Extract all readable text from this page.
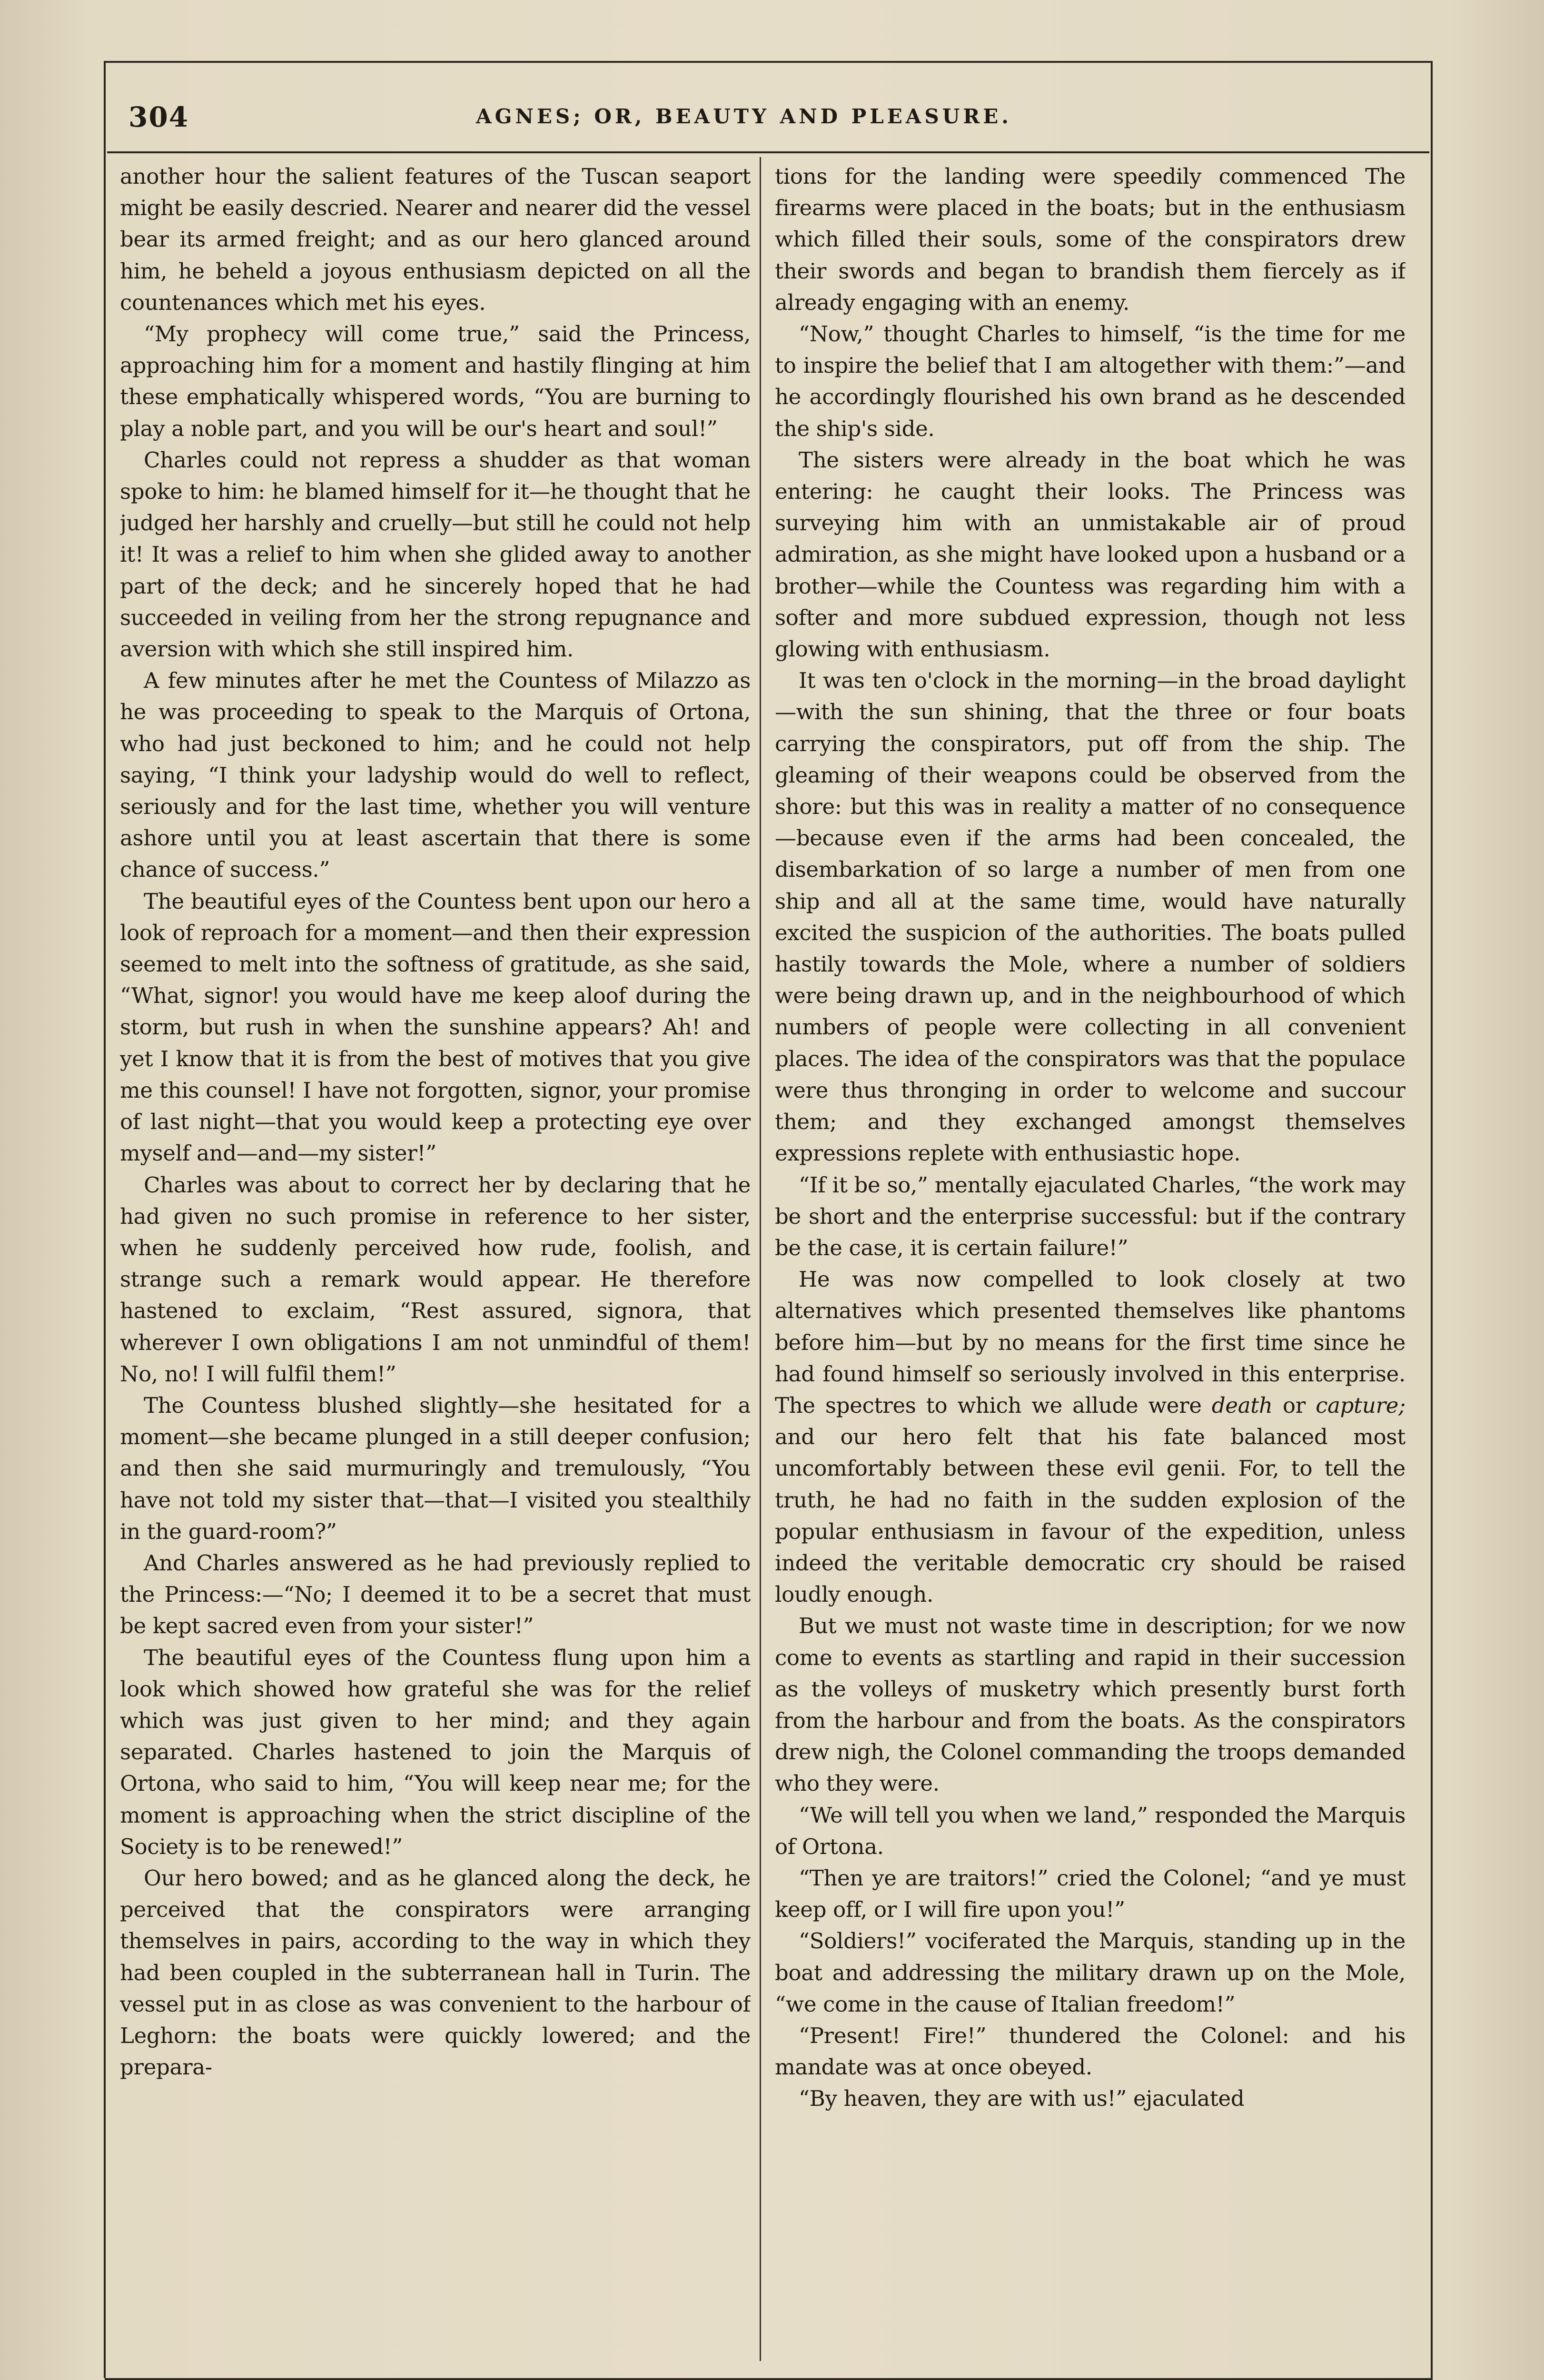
304	AGNES; OR, BEAUTY AND PLEASURE.

another hour the salient features of the Tuscan seaport might be easily descried. Nearer and nearer did the vessel bear its armed freight; and as our hero glanced around him, he beheld a joyous enthusiasm depicted on all the countenances which met his eyes.

“My prophecy will come true,” said the Princess, approaching him for a moment and hastily flinging at him these emphatically whispered words, “You are burning to play a noble part, and you will be our's heart and soul!”

Charles could not repress a shudder as that woman spoke to him: he blamed himself for it—he thought that he judged her harshly and cruelly—but still he could not help it! It was a relief to him when she glided away to another part of the deck; and he sincerely hoped that he had succeeded in veiling from her the strong repugnance and aversion with which she still inspired him.

A few minutes after he met the Countess of Milazzo as he was proceeding to speak to the Marquis of Ortona, who had just beckoned to him; and he could not help saying, “I think your ladyship would do well to reflect, seriously and for the last time, whether you will venture ashore until you at least ascertain that there is some chance of success.”

The beautiful eyes of the Countess bent upon our hero a look of reproach for a moment—and then their expression seemed to melt into the softness of gratitude, as she said, “What, signor! you would have me keep aloof during the storm, but rush in when the sunshine appears? Ah! and yet I know that it is from the best of motives that you give me this counsel! I have not forgotten, signor, your promise of last night—that you would keep a protecting eye over myself and—and—my sister!”

Charles was about to correct her by declaring that he had given no such promise in reference to her sister, when he suddenly perceived how rude, foolish, and strange such a remark would appear. He therefore hastened to exclaim, “Rest assured, signora, that wherever I own obligations I am not unmindful of them! No, no! I will fulfil them!”

The Countess blushed slightly—she hesitated for a moment—she became plunged in a still deeper confusion; and then she said murmuringly and tremulously, “You have not told my sister that—that—I visited you stealthily in the guard-room?”

And Charles answered as he had previously replied to the Princess:—“No; I deemed it to be a secret that must be kept sacred even from your sister!”

The beautiful eyes of the Countess flung upon him a look which showed how grateful she was for the relief which was just given to her mind; and they again separated. Charles hastened to join the Marquis of Ortona, who said to him, “You will keep near me; for the moment is approaching when the strict discipline of the Society is to be renewed!”

Our hero bowed; and as he glanced along the deck, he perceived that the conspirators were arranging themselves in pairs, according to the way in which they had been coupled in the subterranean hall in Turin. The vessel put in as close as was convenient to the harbour of Leghorn: the boats were quickly lowered; and the prepara-

tions for the landing were speedily commenced The firearms were placed in the boats; but in the enthusiasm which filled their souls, some of the conspirators drew their swords and began to brandish them fiercely as if already engaging with an enemy.

“Now,” thought Charles to himself, “is the time for me to inspire the belief that I am altogether with them:”—and he accordingly flourished his own brand as he descended the ship's side.

The sisters were already in the boat which he was entering: he caught their looks. The Princess was surveying him with an unmistakable air of proud admiration, as she might have looked upon a husband or a brother—while the Countess was regarding him with a softer and more subdued expression, though not less glowing with enthusiasm.

It was ten o'clock in the morning—in the broad daylight—with the sun shining, that the three or four boats carrying the conspirators, put off from the ship. The gleaming of their weapons could be observed from the shore: but this was in reality a matter of no consequence—because even if the arms had been concealed, the disembarkation of so large a number of men from one ship and all at the same time, would have naturally excited the suspicion of the authorities. The boats pulled hastily towards the Mole, where a number of soldiers were being drawn up, and in the neighbourhood of which numbers of people were collecting in all convenient places. The idea of the conspirators was that the populace were thus thronging in order to welcome and succour them; and they exchanged amongst themselves expressions replete with enthusiastic hope.

“If it be so,” mentally ejaculated Charles, “the work may be short and the enterprise successful: but if the contrary be the case, it is certain failure!”

He was now compelled to look closely at two alternatives which presented themselves like phantoms before him—but by no means for the first time since he had found himself so seriously involved in this enterprise. The spectres to which we allude were death or capture; and our hero felt that his fate balanced most uncomfortably between these evil genii. For, to tell the truth, he had no faith in the sudden explosion of the popular enthusiasm in favour of the expedition, unless indeed the veritable democratic cry should be raised loudly enough.

But we must not waste time in description; for we now come to events as startling and rapid in their succession as the volleys of musketry which presently burst forth from the harbour and from the boats. As the conspirators drew nigh, the Colonel commanding the troops demanded who they were.

“We will tell you when we land,” responded the Marquis of Ortona.

“Then ye are traitors!” cried the Colonel; “and ye must keep off, or I will fire upon you!”

“Soldiers!” vociferated the Marquis, standing up in the boat and addressing the military drawn up on the Mole, “we come in the cause of Italian freedom!”

“Present! Fire!” thundered the Colonel: and his mandate was at once obeyed.

“By heaven, they are with us!” ejaculated
